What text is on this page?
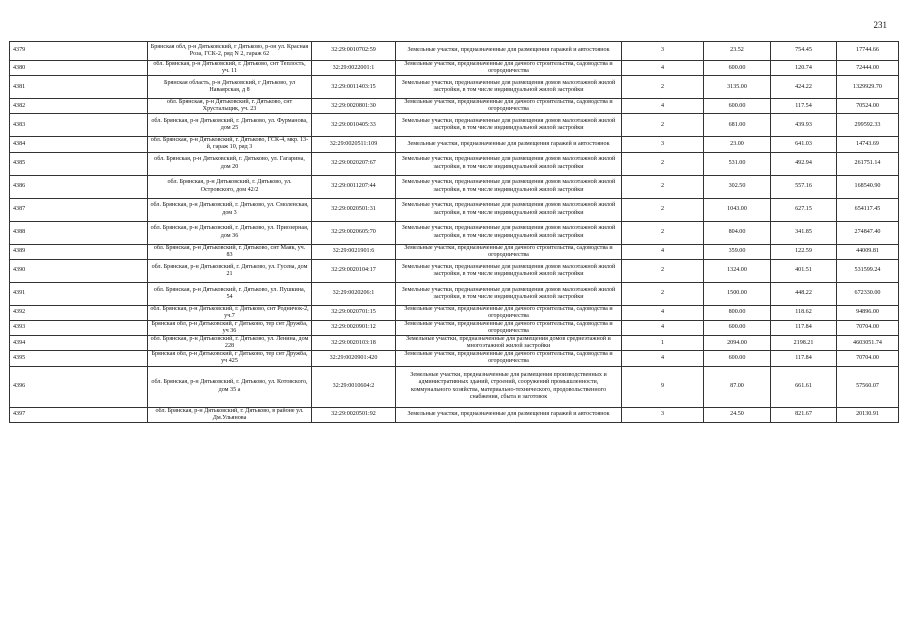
231
4379	Брянская обл, р-н Дятьковский, г Дятьково, р-он ул. Красная Роза, ГСК-2, ряд N 2, гараж 62	32:29:0010702:59	Земельные участки, предназначенные для размещения гаражей и автостоянок	3	23.52	754.45	17744.66
4380	обл. Брянская, р-н Дятьковский, г. Дятьково, снт Теплость, уч. 11	32:29:0022001:1	Земельные участки, предназначенные для дачного строительства, садоводства и огородничества	4	600.00	120.74	72444.00
4381	Брянская область, р-н Дятьковский, г Дятьково, ул Наваярская, д 8	32:29:0011403:15	Земельные участки, предназначенные для размещения домов малоэтажной жилой застройки, в том числе индивидуальной жилой застройки	2	3135.00	424.22	1329929.70
4382	обл. Брянская, р-н Дятьковский, г. Дятьково, снт Хрустальщик, уч. 23	32:29:0020801:30	Земельные участки, предназначенные для дачного строительства, садоводства и огородничества	4	600.00	117.54	70524.00
4383	обл. Брянская, р-н Дятьковский, г. Дятьково, ул. Фурманова, дом 25	32:29:0010405:33	Земельные участки, предназначенные для размещения домов малоэтажной жилой застройки, в том числе индивидуальной жилой застройки	2	681.00	439.93	299592.33
4384	обл. Брянская, р-н Дятьковский, г. Дятьково, ГСК-4, мкр. 13-й, гараж 10, ряд 3	32:29:0020511:109	Земельные участки, предназначенные для размещения гаражей и автостоянок	3	23.00	641.03	14743.69
4385	обл. Брянская, р-н Дятьковский, г. Дятьково, ул. Гагарина, дом 20	32:29:0020207:67	Земельные участки, предназначенные для размещения домов малоэтажной жилой застройки, в том числе индивидуальной жилой застройки	2	531.00	492.94	261751.14
4386	обл. Брянская, р-н Дятьковский, г. Дятьково, ул. Островского, дом 42/2	32:29:0011207:44	Земельные участки, предназначенные для размещения домов малоэтажной жилой застройки, в том числе индивидуальной жилой застройки	2	302.50	557.16	168540.90
4387	обл. Брянская, р-н Дятьковский, г. Дятьково, ул. Смоленская, дом 3	32:29:0020501:31	Земельные участки, предназначенные для размещения домов малоэтажной жилой застройки, в том числе индивидуальной жилой застройки	2	1043.00	627.15	654117.45
4388	обл. Брянская, р-н Дятьковский, г. Дятьково, ул. Приозерная, дом 36	32:29:0020605:70	Земельные участки, предназначенные для размещения домов малоэтажной жилой застройки, в том числе индивидуальной жилой застройки	2	804.00	341.85	274847.40
4389	обл. Брянская, р-н Дятьковский, г. Дятьково, снт Маяк, уч. 83	32:29:0021901:6	Земельные участки, предназначенные для дачного строительства, садоводства и огородничества	4	359.00	122.59	44009.81
4390	обл. Брянская, р-н Дятьковский, г. Дятьково, ул. Гусева, дом 21	32:29:0020104:17	Земельные участки, предназначенные для размещения домов малоэтажной жилой застройки, в том числе индивидуальной жилой застройки	2	1324.00	401.51	531599.24
4391	обл. Брянская, р-н Дятьковский, г. Дятьково, ул. Пушкина, 54	32:29:0020206:1	Земельные участки, предназначенные для размещения домов малоэтажной жилой застройки, в том числе индивидуальной жилой застройки	2	1500.00	448.22	672330.00
4392	обл. Брянская, р-н Дятьковский, г. Дятьково, снт Родничок-2, уч.7	32:29:0020701:15	Земельные участки, предназначенные для дачного строительства, садоводства и огородничества	4	800.00	118.62	94896.00
4393	Брянская обл, р-н Дятьковский, г Дятьково, тер снт Дружба, уч 36	32:29:0020901:12	Земельные участки, предназначенные для дачного строительства, садоводства и огородничества	4	600.00	117.84	70704.00
4394	обл. Брянская, р-н Дятьковский, г. Дятьково, ул. Ленина, дом 228	32:29:0020103:18	Земельные участки, предназначенные для размещения домов среднеэтажной и многоэтажной жилой застройки	1	2094.00	2198.21	4603051.74
4395	Брянская обл, р-н Дятьковский, г Дятьково, тер снт Дружба, уч 425	32:29:0020901:420	Земельные участки, предназначенные для дачного строительства, садоводства и огородничества	4	600.00	117.84	70704.00
4396	обл. Брянская, р-н Дятьковский, г. Дятьково, ул. Котовского, дом 35 а	32:29:0010604:2	Земельные участки, предназначенные для размещения производственных и административных зданий, строений, сооружений промышленности, коммунального хозяйства, материально-технического, продовольственного снабжения, сбыта и заготовок	9	87.00	661.61	57560.07
4397	обл. Брянская, р-н Дятьковский, г. Дятьково, в районе ул. Дм.Ульянова	32:29:0020501:92	Земельные участки, предназначенные для размещения гаражей и автостоянок	3	24.50	821.67	20130.91
